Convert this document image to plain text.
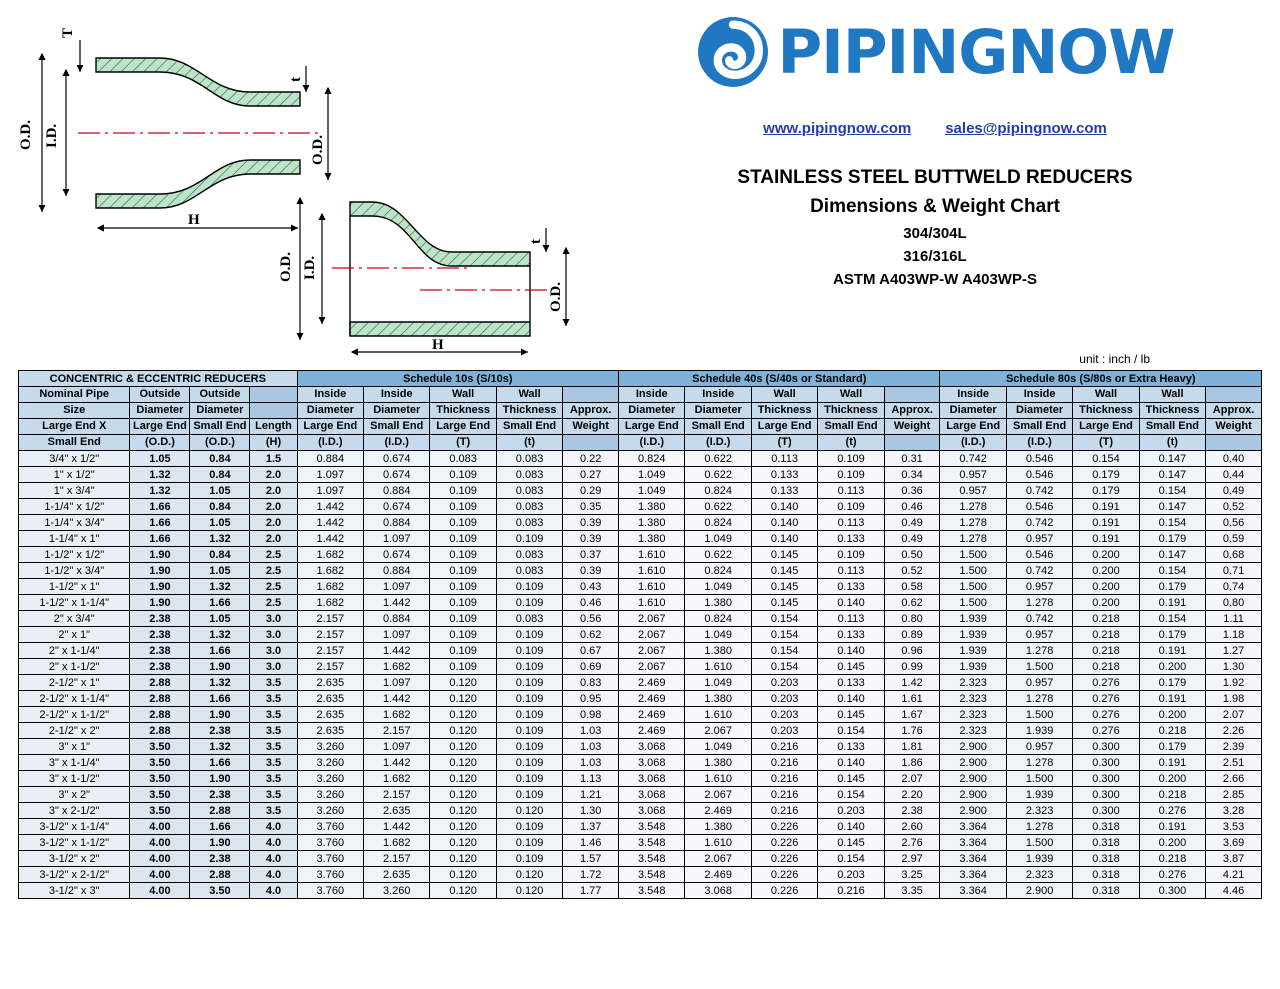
O.D. I.D.
T
t
O.D.
H
O.D. I.D.
t
O.D.
H
PIPINGNOW
www.pipingnow.com sales@pipingnow.com
STAINLESS STEEL BUTTWELD REDUCERS
Dimensions & Weight Chart
304/304L
316/316L
ASTM A403WP-W A403WP-S
unit : inch / lb
CONCENTRIC & ECCENTRIC REDUCERS				Schedule 10s (S/10s)					Schedule 40s (S/40s or Standard)					Schedule 80s (S/80s or Extra Heavy)				
Nominal Pipe	Outside	Outside		Inside	Inside	Wall	Wall		Inside	Inside	Wall	Wall		Inside	Inside	Wall	Wall	
Size	Diameter	Diameter		Diameter	Diameter	Thickness	Thickness	Approx.	Diameter	Diameter	Thickness	Thickness	Approx.	Diameter	Diameter	Thickness	Thickness	Approx.
Large End X	Large End	Small End	Length	Large End	Small End	Large End	Small End	Weight	Large End	Small End	Large End	Small End	Weight	Large End	Small End	Large End	Small End	Weight
Small End	(O.D.)	(O.D.)	(H)	(I.D.)	(I.D.)	(T)	(t)		(I.D.)	(I.D.)	(T)	(t)		(I.D.)	(I.D.)	(T)	(t)	
3/4" x 1/2"	1.05	0.84	1.5	0.884	0.674	0.083	0.083	0.22	0.824	0.622	0.113	0.109	0.31	0.742	0.546	0.154	0.147	0.40
1" x 1/2"	1.32	0.84	2.0	1.097	0.674	0.109	0.083	0.27	1.049	0.622	0.133	0.109	0.34	0.957	0.546	0.179	0.147	0.44
1" x 3/4"	1.32	1.05	2.0	1.097	0.884	0.109	0.083	0.29	1.049	0.824	0.133	0.113	0.36	0.957	0.742	0.179	0.154	0.49
1-1/4" x 1/2"	1.66	0.84	2.0	1.442	0.674	0.109	0.083	0.35	1.380	0.622	0.140	0.109	0.46	1.278	0.546	0.191	0.147	0.52
1-1/4" x 3/4"	1.66	1.05	2.0	1.442	0.884	0.109	0.083	0.39	1.380	0.824	0.140	0.113	0.49	1.278	0.742	0.191	0.154	0.56
1-1/4" x 1"	1.66	1.32	2.0	1.442	1.097	0.109	0.109	0.39	1.380	1.049	0.140	0.133	0.49	1.278	0.957	0.191	0.179	0.59
1-1/2" x 1/2"	1.90	0.84	2.5	1.682	0.674	0.109	0.083	0.37	1.610	0.622	0.145	0.109	0.50	1.500	0.546	0.200	0.147	0.68
1-1/2" x 3/4"	1.90	1.05	2.5	1.682	0.884	0.109	0.083	0.39	1.610	0.824	0.145	0.113	0.52	1.500	0.742	0.200	0.154	0.71
1-1/2" x 1"	1.90	1.32	2.5	1.682	1.097	0.109	0.109	0.43	1.610	1.049	0.145	0.133	0.58	1.500	0.957	0.200	0.179	0.74
1-1/2" x 1-1/4"	1.90	1.66	2.5	1.682	1.442	0.109	0.109	0.46	1.610	1.380	0.145	0.140	0.62	1.500	1.278	0.200	0.191	0.80
2" x 3/4"	2.38	1.05	3.0	2.157	0.884	0.109	0.083	0.56	2.067	0.824	0.154	0.113	0.80	1.939	0.742	0.218	0.154	1.11
2" x 1"	2.38	1.32	3.0	2.157	1.097	0.109	0.109	0.62	2.067	1.049	0.154	0.133	0.89	1.939	0.957	0.218	0.179	1.18
2" x 1-1/4"	2.38	1.66	3.0	2.157	1.442	0.109	0.109	0.67	2.067	1.380	0.154	0.140	0.96	1.939	1.278	0.218	0.191	1.27
2" x 1-1/2"	2.38	1.90	3.0	2.157	1.682	0.109	0.109	0.69	2.067	1.610	0.154	0.145	0.99	1.939	1.500	0.218	0.200	1.30
2-1/2" x 1"	2.88	1.32	3.5	2.635	1.097	0.120	0.109	0.83	2.469	1.049	0.203	0.133	1.42	2.323	0.957	0.276	0.179	1.92
2-1/2" x 1-1/4"	2.88	1.66	3.5	2.635	1.442	0.120	0.109	0.95	2.469	1.380	0.203	0.140	1.61	2.323	1.278	0.276	0.191	1.98
2-1/2" x 1-1/2"	2.88	1.90	3.5	2.635	1.682	0.120	0.109	0.98	2.469	1.610	0.203	0.145	1.67	2.323	1.500	0.276	0.200	2.07
2-1/2" x 2"	2.88	2.38	3.5	2.635	2.157	0.120	0.109	1.03	2.469	2.067	0.203	0.154	1.76	2.323	1.939	0.276	0.218	2.26
3" x 1"	3.50	1.32	3.5	3.260	1.097	0.120	0.109	1.03	3.068	1.049	0.216	0.133	1.81	2.900	0.957	0.300	0.179	2.39
3" x 1-1/4"	3.50	1.66	3.5	3.260	1.442	0.120	0.109	1.03	3.068	1.380	0.216	0.140	1.86	2.900	1.278	0.300	0.191	2.51
3" x 1-1/2"	3.50	1.90	3.5	3.260	1.682	0.120	0.109	1.13	3.068	1.610	0.216	0.145	2.07	2.900	1.500	0.300	0.200	2.66
3" x 2"	3.50	2.38	3.5	3.260	2.157	0.120	0.109	1.21	3.068	2.067	0.216	0.154	2.20	2.900	1.939	0.300	0.218	2.85
3" x 2-1/2"	3.50	2.88	3.5	3.260	2.635	0.120	0.120	1.30	3.068	2.469	0.216	0.203	2.38	2.900	2.323	0.300	0.276	3.28
3-1/2" x 1-1/4"	4.00	1.66	4.0	3.760	1.442	0.120	0.109	1.37	3.548	1.380	0.226	0.140	2.60	3.364	1.278	0.318	0.191	3.53
3-1/2" x 1-1/2"	4.00	1.90	4.0	3.760	1.682	0.120	0.109	1.46	3.548	1.610	0.226	0.145	2.76	3.364	1.500	0.318	0.200	3.69
3-1/2" x 2"	4.00	2.38	4.0	3.760	2.157	0.120	0.109	1.57	3.548	2.067	0.226	0.154	2.97	3.364	1.939	0.318	0.218	3.87
3-1/2" x 2-1/2"	4.00	2.88	4.0	3.760	2.635	0.120	0.120	1.72	3.548	2.469	0.226	0.203	3.25	3.364	2.323	0.318	0.276	4.21
3-1/2" x 3"	4.00	3.50	4.0	3.760	3.260	0.120	0.120	1.77	3.548	3.068	0.226	0.216	3.35	3.364	2.900	0.318	0.300	4.46
